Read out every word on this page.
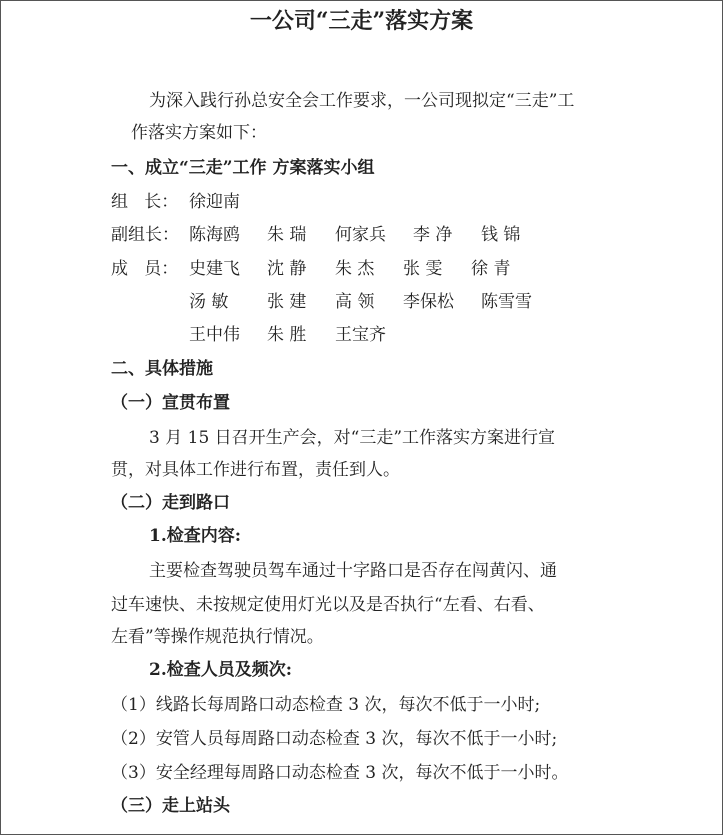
一公司“三走”落实方案
为深入践行孙总安全会工作要求，一公司现拟定“三走”工
作落实方案如下：
一、成立“三走”工作 方案落实小组
组   长： 徐迎南
副组长： 陈海鸥	朱 瑞	何家兵	李 净	钱 锦
成   员： 史建飞	沈 静	朱 杰	张 雯	徐 青
汤 敏	张 建	高 领	李保松	陈雪雪
王中伟	朱 胜	王宝齐
二、具体措施
（一）宣贯布置
3 月 15 日召开生产会，对“三走”工作落实方案进行宣
贯，对具体工作进行布置，责任到人。
（二）走到路口
1.检查内容:
主要检查驾驶员驾车通过十字路口是否存在闯黄闪、通
过车速快、未按规定使用灯光以及是否执行“左看、右看、
左看”等操作规范执行情况。
2.检查人员及频次:
（1）线路长每周路口动态检查 3 次，每次不低于一小时;
（2）安管人员每周路口动态检查 3 次，每次不低于一小时;
（3）安全经理每周路口动态检查 3 次，每次不低于一小时。
（三）走上站头
